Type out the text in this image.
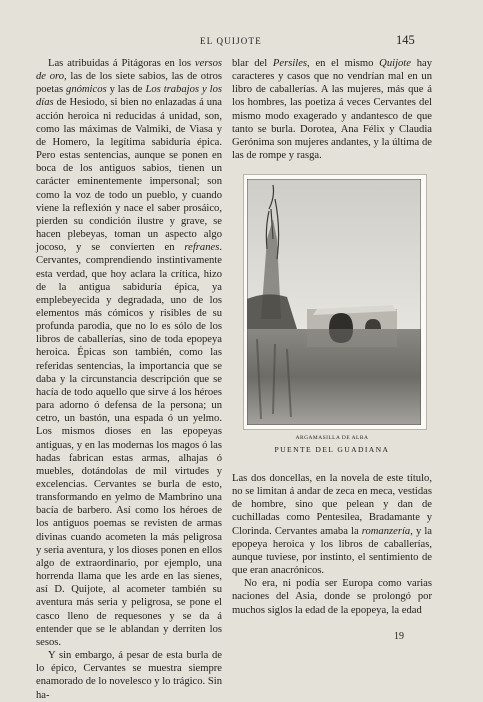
EL QUIJOTE	145

Las atribuidas á Pitágoras en los versos de oro, las de los siete sabios, las de otros poetas gnómicos y las de Los trabajos y los días de Hesiodo, si bien no enlazadas á una acción heroica ni reducidas á unidad, son, como las máximas de Valmiki, de Viasa y de Homero, la legítima sabiduría épica. Pero estas sentencias, aunque se ponen en boca de los antiguos sabios, tienen un carácter eminentemente impersonal; son como la voz de todo un pueblo, y cuando viene la reflexión y nace el saber prosáico, pierden su condición ilustre y grave, se hacen plebeyas, toman un aspecto algo jocoso, y se convierten en refranes. Cervantes, comprendiendo instintivamente esta verdad, que hoy aclara la crítica, hizo de la antigua sabiduría épica, ya emplebeyecida y degradada, uno de los elementos más cómicos y risibles de su profunda parodia, que no lo es sólo de los libros de caballerías, sino de toda epopeya heroica. Épicas son también, como las referidas sentencias, la importancia que se daba y la circunstancia descripción que se hacía de todo aquello que sirve á los héroes para adorno ó defensa de la persona; un cetro, un bastón, una espada ó un yelmo. Los mismos dioses en las epopeyas antiguas, y en las modernas los magos ó las hadas fabrican estas armas, alhajas ó muebles, dotándolas de mil virtudes y excelencias. Cervantes se burla de esto, transformando en yelmo de Mambrino una bacía de barbero. Así como los héroes de los antiguos poemas se revisten de armas divinas cuando acometen la más peligrosa y seria aventura, y los dioses ponen en ellos algo de extraordinario, por ejemplo, una horrenda llama que les arde en las sienes, así D. Quijote, al acometer también su aventura más seria y peligrosa, se pone el casco lleno de requesones y se da á entender que se le ablandan y derriten los sesos.

Y sin embargo, á pesar de esta burla de lo épico, Cervantes se muestra siempre enamorado de lo novelesco y lo trágico. Sin ha-

blar del Persiles, en el mismo Quijote hay caracteres y casos que no vendrían mal en un libro de caballerías. A las mujeres, más que á los hombres, las poetiza á veces Cervantes del mismo modo exagerado y andantesco de que tanto se burla. Dorotea, Ana Félix y Claudia Gerónima son mujeres andantes, y la última de las de rompe y rasga.

ARGAMASILLA DE ALBA
PUENTE DEL GUADIANA

Las dos doncellas, en la novela de este título, no se limitan á andar de zeca en meca, vestidas de hombre, sino que pelean y dan de cuchilladas como Pentesilea, Bradamante y Clorinda. Cervantes amaba la romanzería, y la epopeya heroica y los libros de caballerías, aunque tuviese, por instinto, el sentimiento de que eran anacrónicos.

No era, ni podía ser Europa como varias naciones del Asia, donde se prolongó por muchos siglos la edad de la epopeya, la edad

19
